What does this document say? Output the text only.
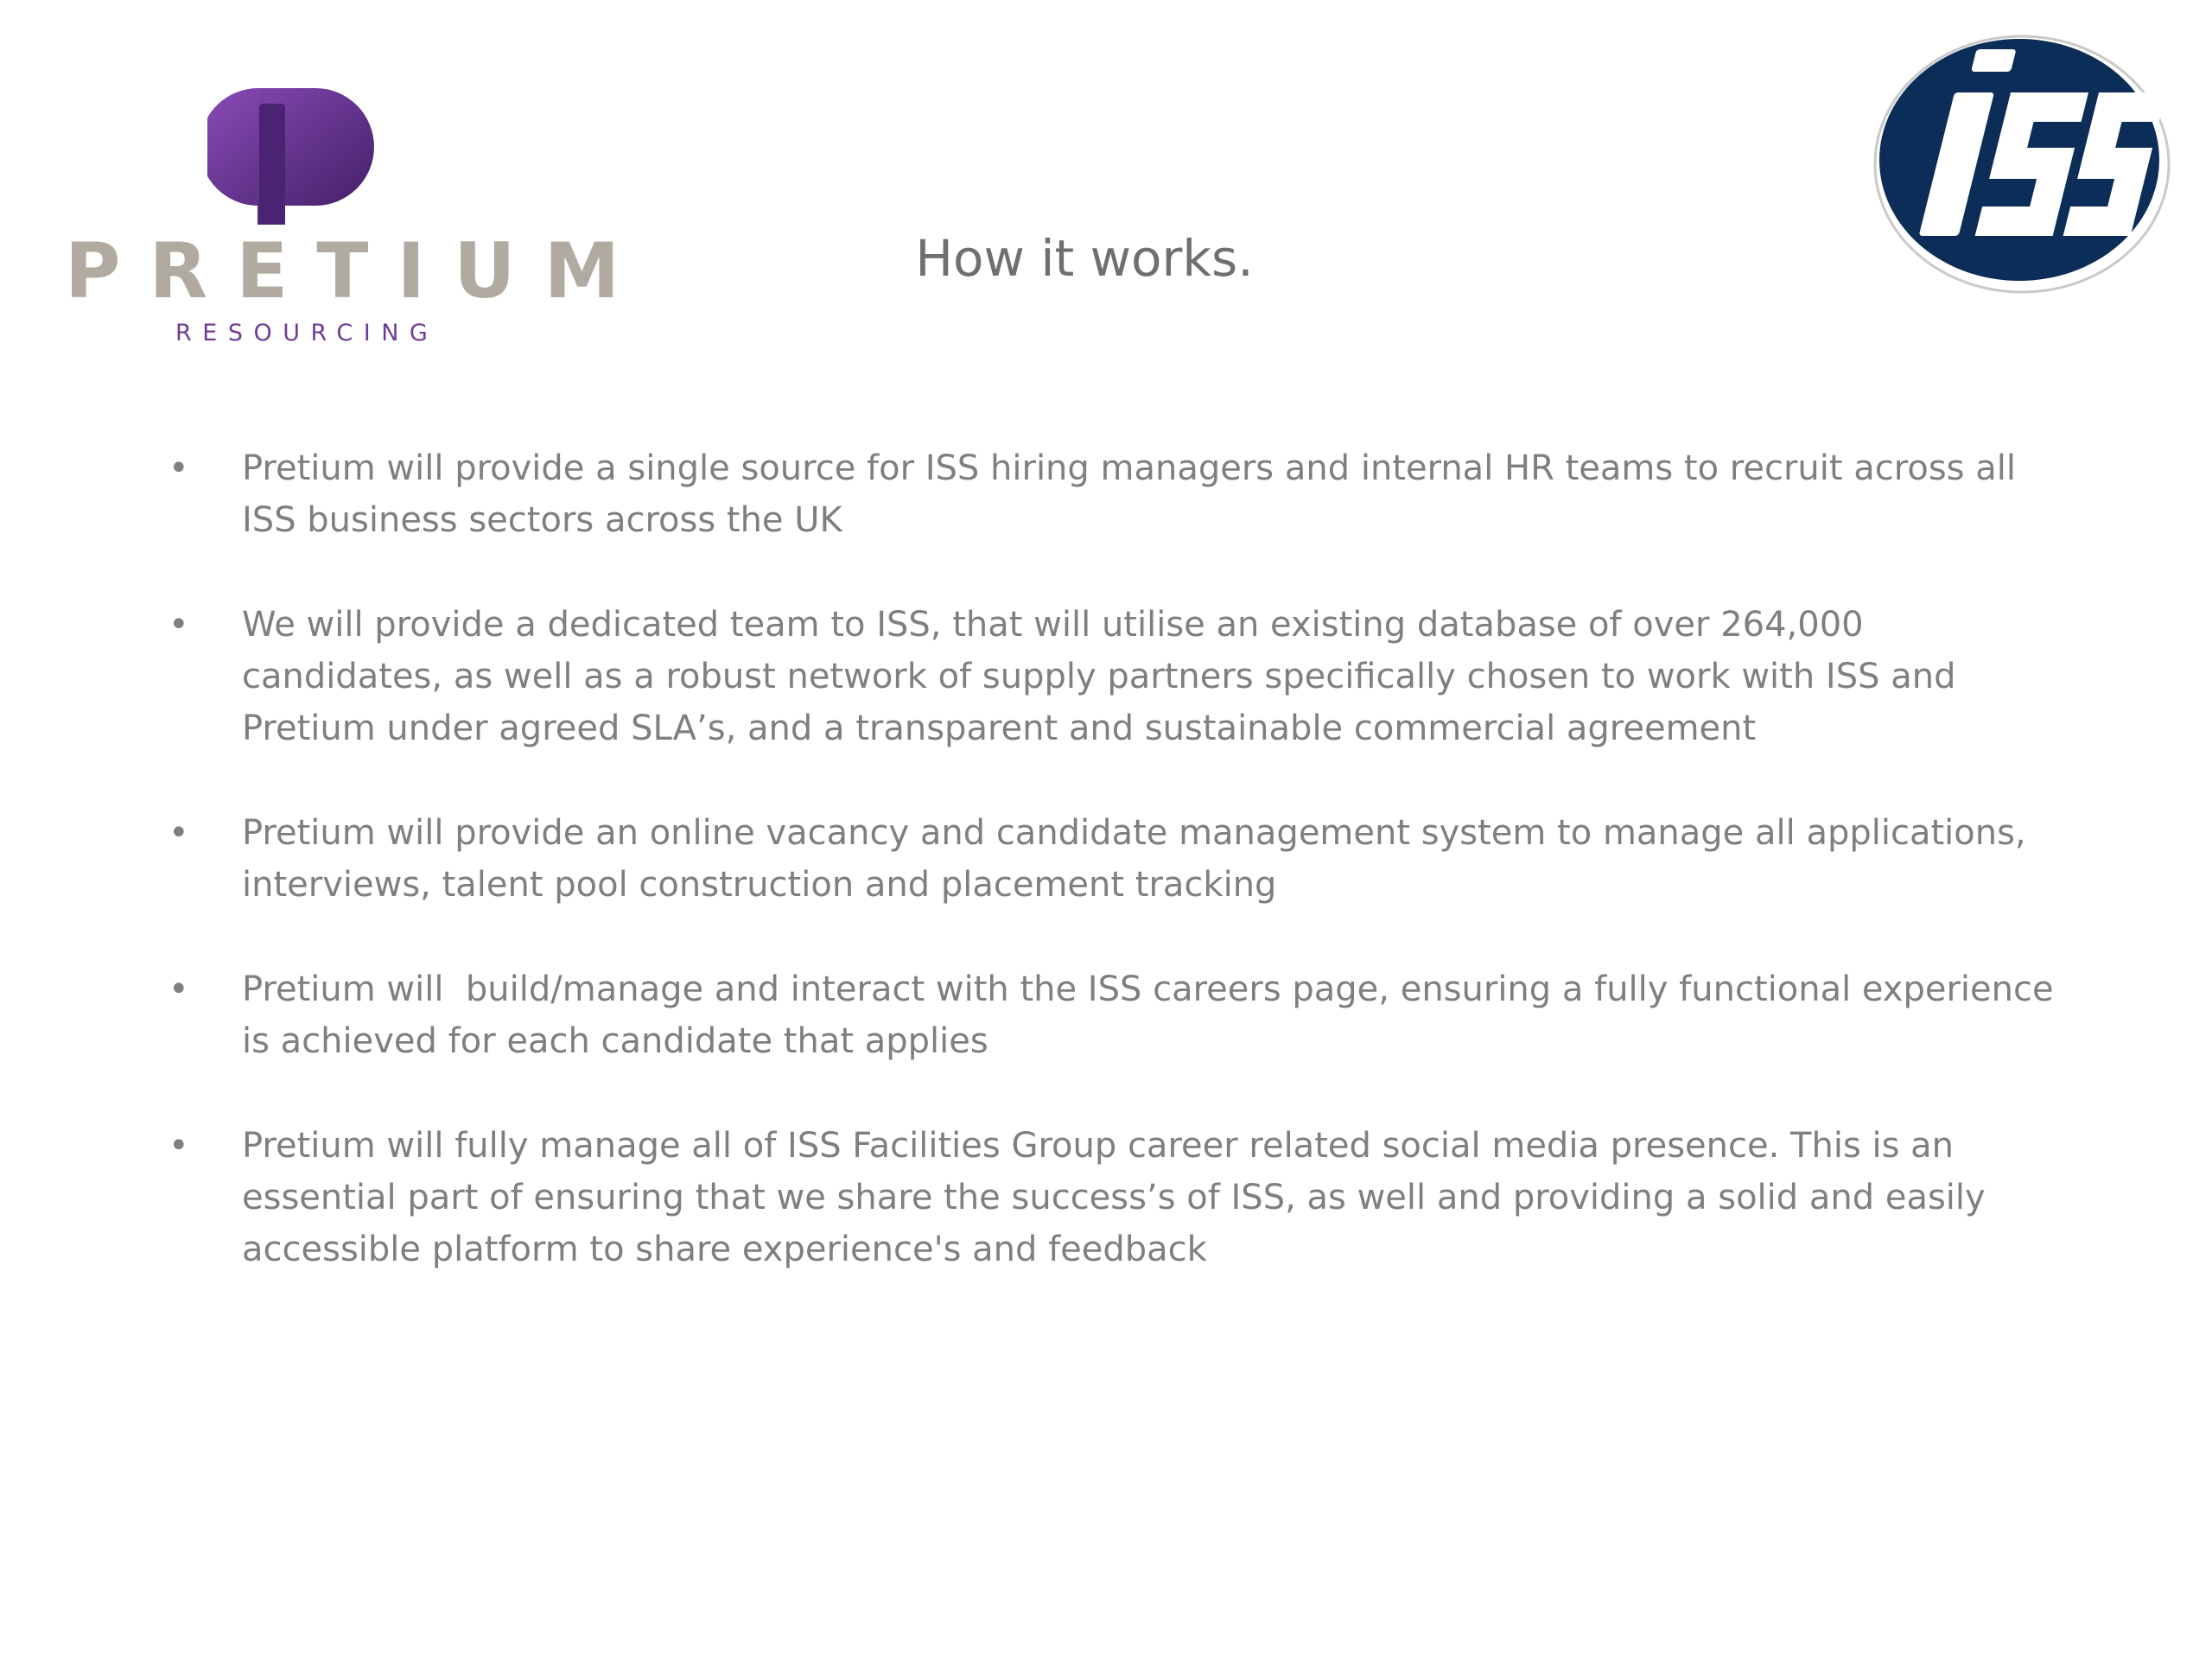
PRETIUM
RESOURCING
How it works.
• Pretium will provide a single source for ISS hiring managers and internal HR teams to recruit across all ISS business sectors across the UK
• We will provide a dedicated team to ISS, that will utilise an existing database of over 264,000 candidates, as well as a robust network of supply partners specifically chosen to work with ISS and Pretium under agreed SLA’s, and a transparent and sustainable commercial agreement
• Pretium will provide an online vacancy and candidate management system to manage all applications, interviews, talent pool construction and placement tracking
• Pretium will  build/manage and interact with the ISS careers page, ensuring a fully functional experience is achieved for each candidate that applies
• Pretium will fully manage all of ISS Facilities Group career related social media presence. This is an essential part of ensuring that we share the success’s of ISS, as well and providing a solid and easily accessible platform to share experience's and feedback
